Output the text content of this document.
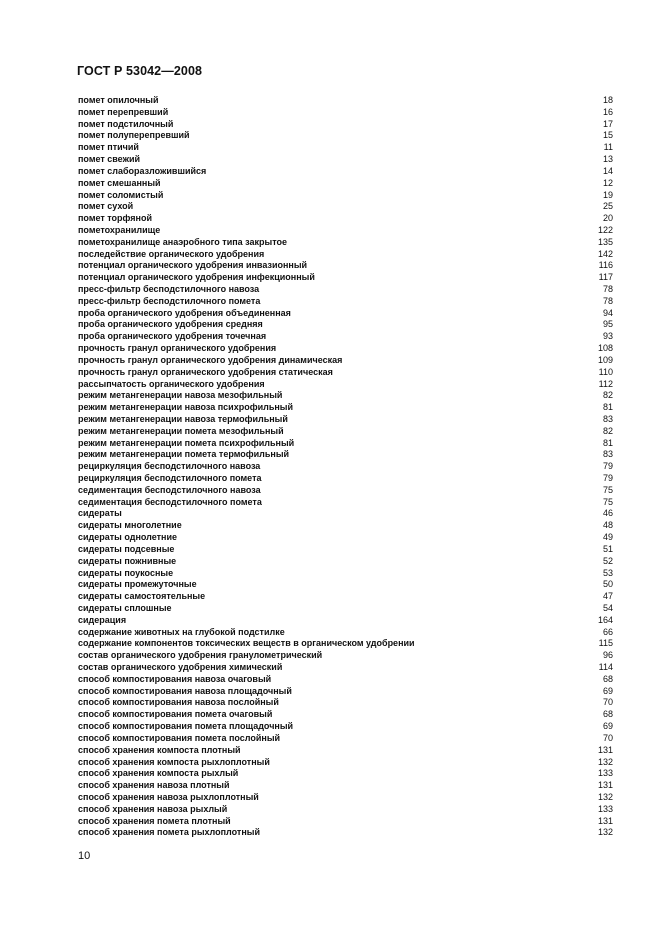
ГОСТ Р 53042—2008
помет опилочный	18
помет перепревший	16
помет подстилочный	17
помет полуперепревший	15
помет птичий	11
помет свежий	13
помет слаборазложившийся	14
помет смешанный	12
помет соломистый	19
помет сухой	25
помет торфяной	20
пометохранилище	122
пометохранилище анаэробного типа закрытое	135
последействие органического удобрения	142
потенциал органического удобрения инвазионный	116
потенциал органического удобрения инфекционный	117
пресс-фильтр бесподстилочного навоза	78
пресс-фильтр бесподстилочного помета	78
проба органического удобрения объединенная	94
проба органического удобрения средняя	95
проба органического удобрения точечная	93
прочность гранул органического удобрения	108
прочность гранул органического удобрения динамическая	109
прочность гранул органического удобрения статическая	110
рассыпчатость органического удобрения	112
режим метангенерации навоза мезофильный	82
режим метангенерации навоза психрофильный	81
режим метангенерации навоза термофильный	83
режим метангенерации помета мезофильный	82
режим метангенерации помета психрофильный	81
режим метангенерации помета термофильный	83
рециркуляция бесподстилочного навоза	79
рециркуляция бесподстилочного помета	79
седиментация бесподстилочного навоза	75
седиментация бесподстилочного помета	75
сидераты	46
сидераты многолетние	48
сидераты однолетние	49
сидераты подсевные	51
сидераты пожнивные	52
сидераты поукосные	53
сидераты промежуточные	50
сидераты самостоятельные	47
сидераты сплошные	54
сидерация	164
содержание животных на глубокой подстилке	66
содержание компонентов токсических веществ в органическом удобрении	115
состав органического удобрения гранулометрический	96
состав органического удобрения химический	114
способ компостирования навоза очаговый	68
способ компостирования навоза площадочный	69
способ компостирования навоза послойный	70
способ компостирования помета очаговый	68
способ компостирования помета площадочный	69
способ компостирования помета послойный	70
способ хранения компоста плотный	131
способ хранения компоста рыхлоплотный	132
способ хранения компоста рыхлый	133
способ хранения навоза плотный	131
способ хранения навоза рыхлоплотный	132
способ хранения навоза рыхлый	133
способ хранения помета плотный	131
способ хранения помета рыхлоплотный	132
10
